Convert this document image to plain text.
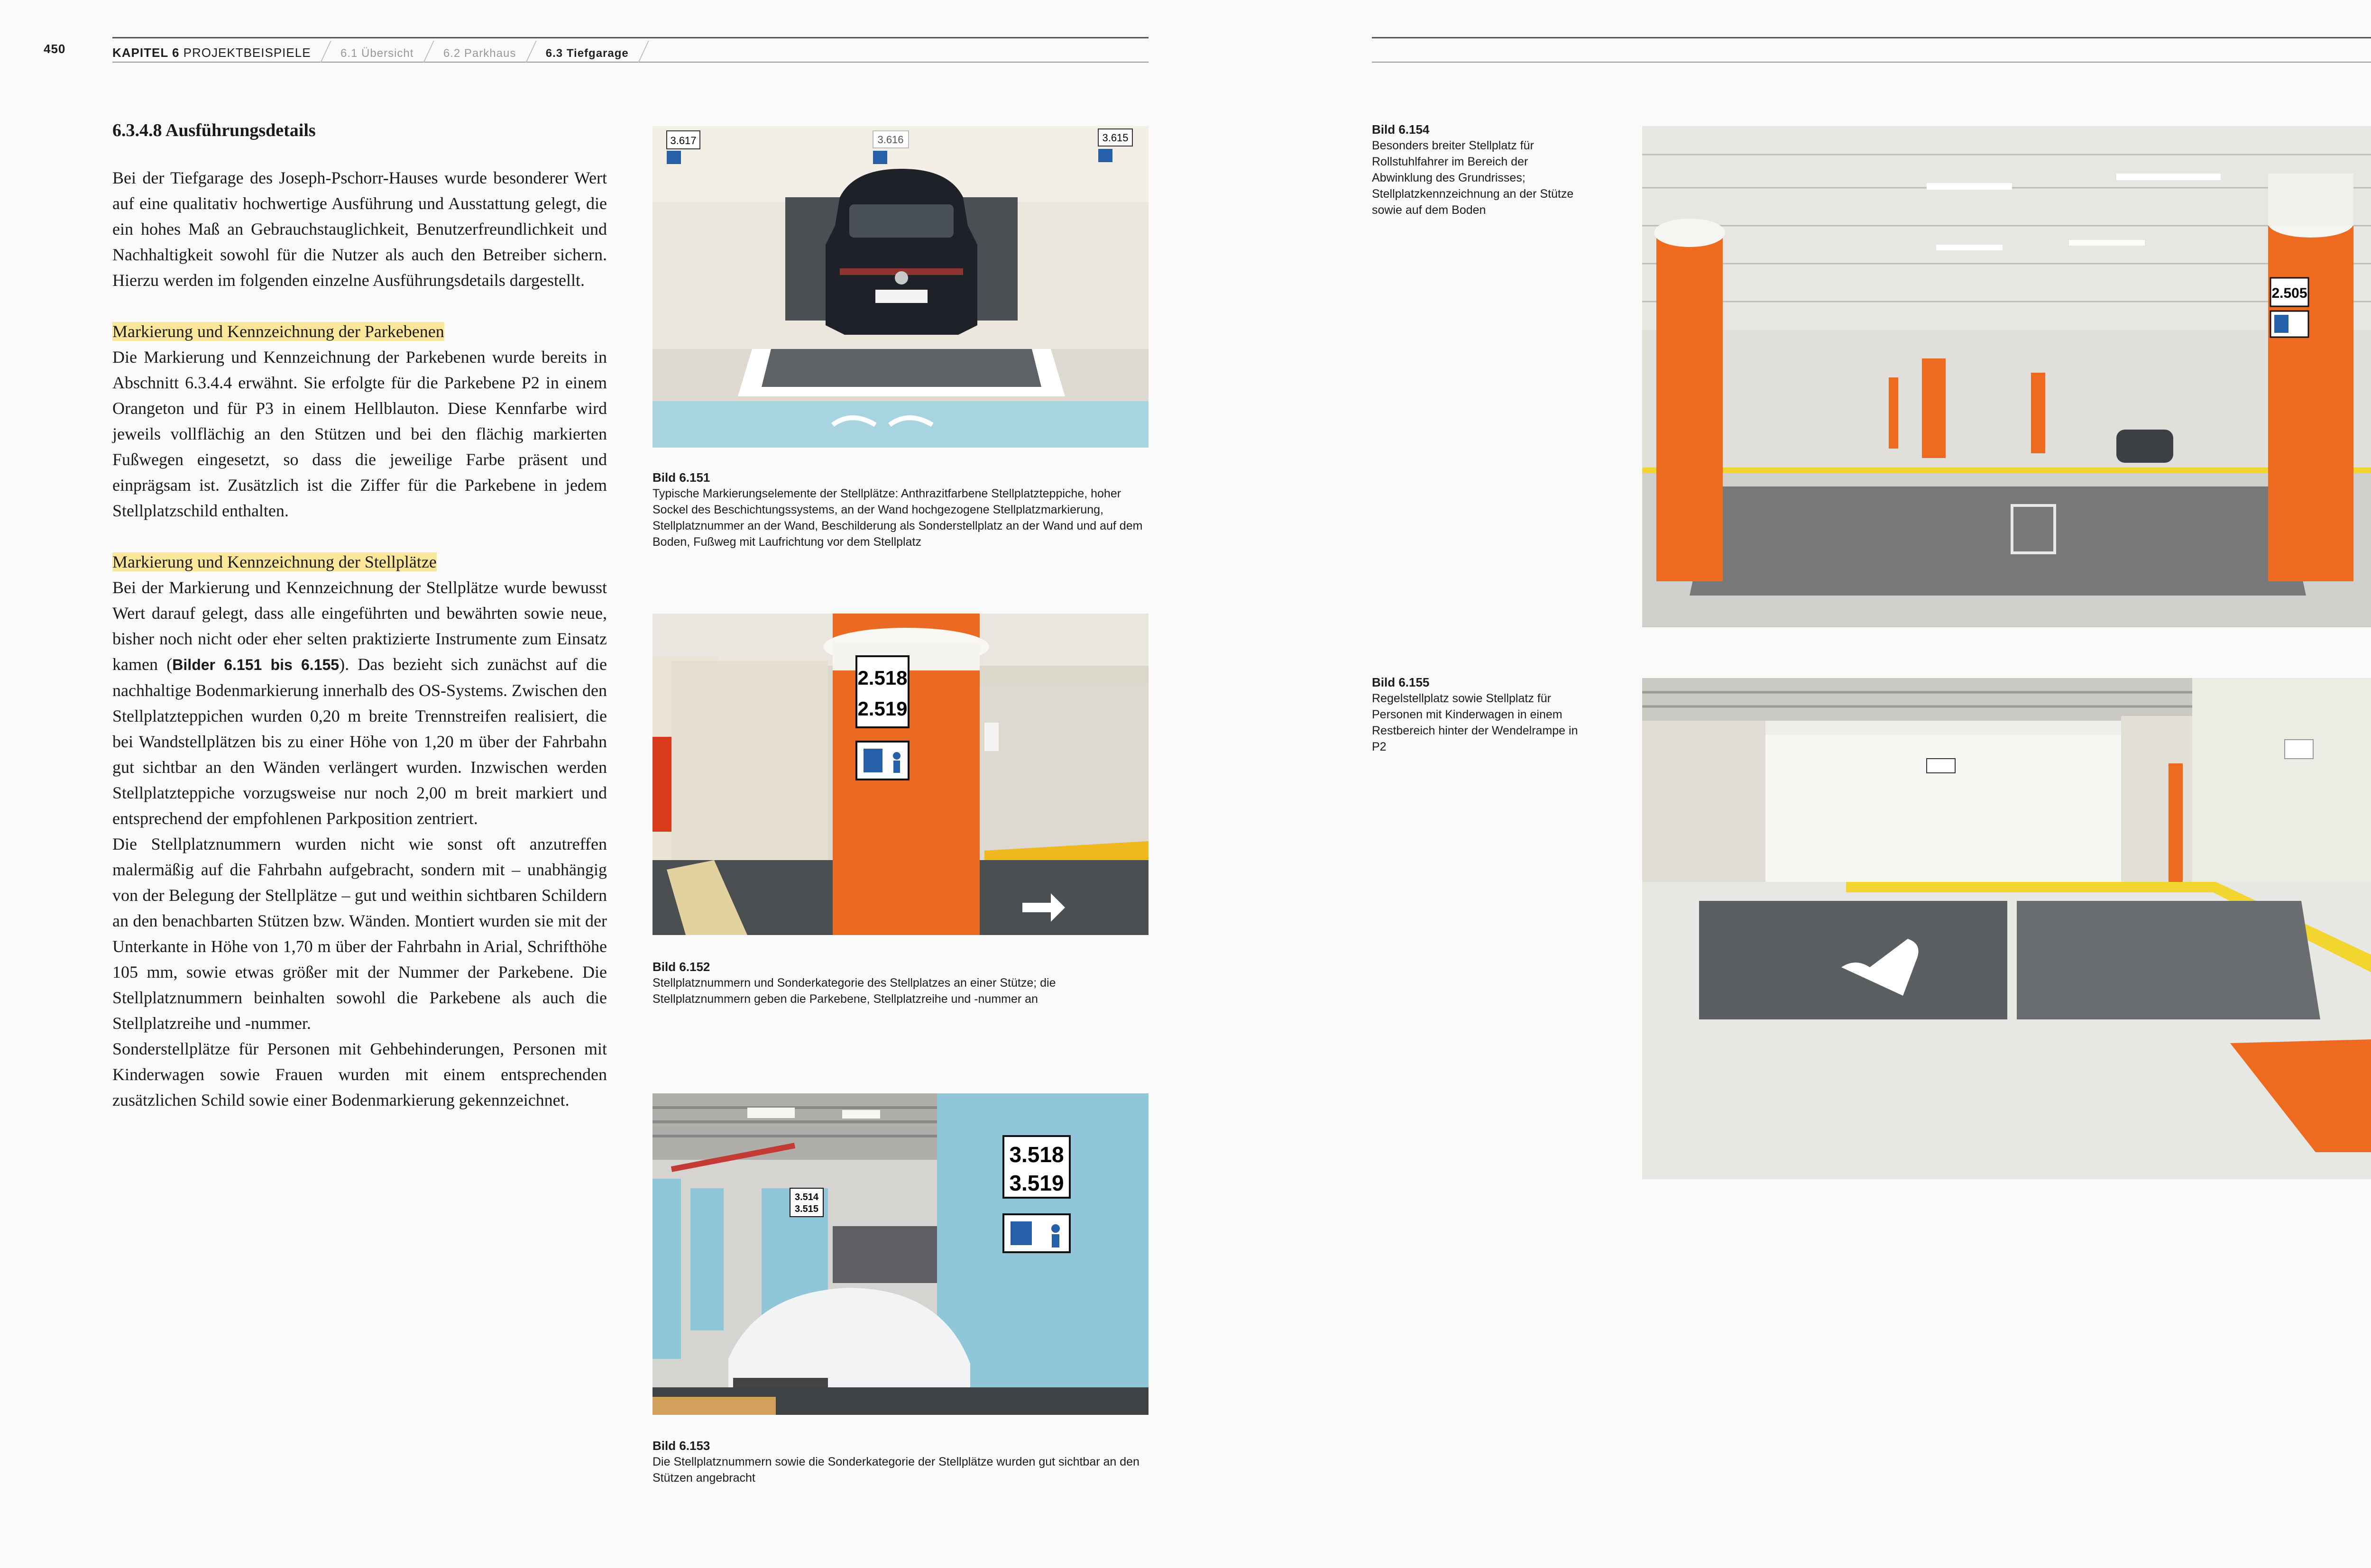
450	KAPITEL 6 PROJEKTBEISPIELE	6.1 Übersicht	6.2 Parkhaus	6.3 Tiefgarage

6.3.4.8 Ausführungsdetails

Bei der Tiefgarage des Joseph-Pschorr-Hauses wurde besonderer Wert auf eine qualitativ hochwertige Ausführung und Ausstattung gelegt, die ein hohes Maß an Gebrauchstauglichkeit, Benutzerfreundlichkeit und Nachhaltigkeit sowohl für die Nutzer als auch den Betreiber sichern. Hierzu werden im folgenden einzelne Ausführungsdetails dargestellt.

Markierung und Kennzeichnung der Parkebenen

Die Markierung und Kennzeichnung der Parkebenen wurde bereits in Abschnitt 6.3.4.4 erwähnt. Sie erfolgte für die Parkebene P2 in einem Orangeton und für P3 in einem Hellblauton. Diese Kennfarbe wird jeweils vollflächig an den Stützen und bei den flächig markierten Fußwegen eingesetzt, so dass die jeweilige Farbe präsent und einprägsam ist. Zusätzlich ist die Ziffer für die Parkebene in jedem Stellplatzschild enthalten.

Markierung und Kennzeichnung der Stellplätze

Bei der Markierung und Kennzeichnung der Stellplätze wurde bewusst Wert darauf gelegt, dass alle eingeführten und bewährten sowie neue, bisher noch nicht oder eher selten praktizierte Instrumente zum Einsatz kamen (Bilder 6.151 bis 6.155). Das bezieht sich zunächst auf die nachhaltige Bodenmarkierung innerhalb des OS-Systems. Zwischen den Stellplatzteppichen wurden 0,20 m breite Trennstreifen realisiert, die bei Wandstellplätzen bis zu einer Höhe von 1,20 m über der Fahrbahn gut sichtbar an den Wänden verlängert wurden. Inzwischen werden Stellplatzteppiche vorzugsweise nur noch 2,00 m breit markiert und entsprechend der empfohlenen Parkposition zentriert.

Die Stellplatznummern wurden nicht wie sonst oft anzutreffen malermäßig auf die Fahrbahn aufgebracht, sondern mit – unabhängig von der Belegung der Stellplätze – gut und weithin sichtbaren Schildern an den benachbarten Stützen bzw. Wänden. Montiert wurden sie mit der Unterkante in Höhe von 1,70 m über der Fahrbahn in Arial, Schrifthöhe 105 mm, sowie etwas größer mit der Nummer der Parkebene. Die Stellplatznummern beinhalten sowohl die Parkebene als auch die Stellplatzreihe und -nummer.

Sonderstellplätze für Personen mit Gehbehinderungen, Personen mit Kinderwagen sowie Frauen wurden mit einem entsprechenden zusätzlichen Schild sowie einer Bodenmarkierung gekennzeichnet.

3.617	3.616	3.615
Bild 6.151
Typische Markierungselemente der Stellplätze: Anthrazitfarbene Stellplatzteppiche, hoher Sockel des Beschichtungssystems, an der Wand hochgezogene Stellplatzmarkierung, Stellplatznummer an der Wand, Beschilderung als Sonderstellplatz an der Wand und auf dem Boden, Fußweg mit Laufrichtung vor dem Stellplatz
2.518
2.519
Bild 6.152
Stellplatznummern und Sonderkategorie des Stellplatzes an einer Stütze; die Stellplatznummern geben die Parkebene, Stellplatzreihe und -nummer an
3.518
3.519
3.514
3.515
Bild 6.153
Die Stellplatznummern sowie die Sonderkategorie der Stellplätze wurden gut sichtbar an den Stützen angebracht
Bild 6.154
Besonders breiter Stellplatz für Rollstuhlfahrer im Bereich der Abwinklung des Grundrisses; Stellplatzkennzeichnung an der Stütze sowie auf dem Boden
2.505
Bild 6.155
Regelstellplatz sowie Stellplatz für Personen mit Kinderwagen in einem Restbereich hinter der Wendelrampe in P2
